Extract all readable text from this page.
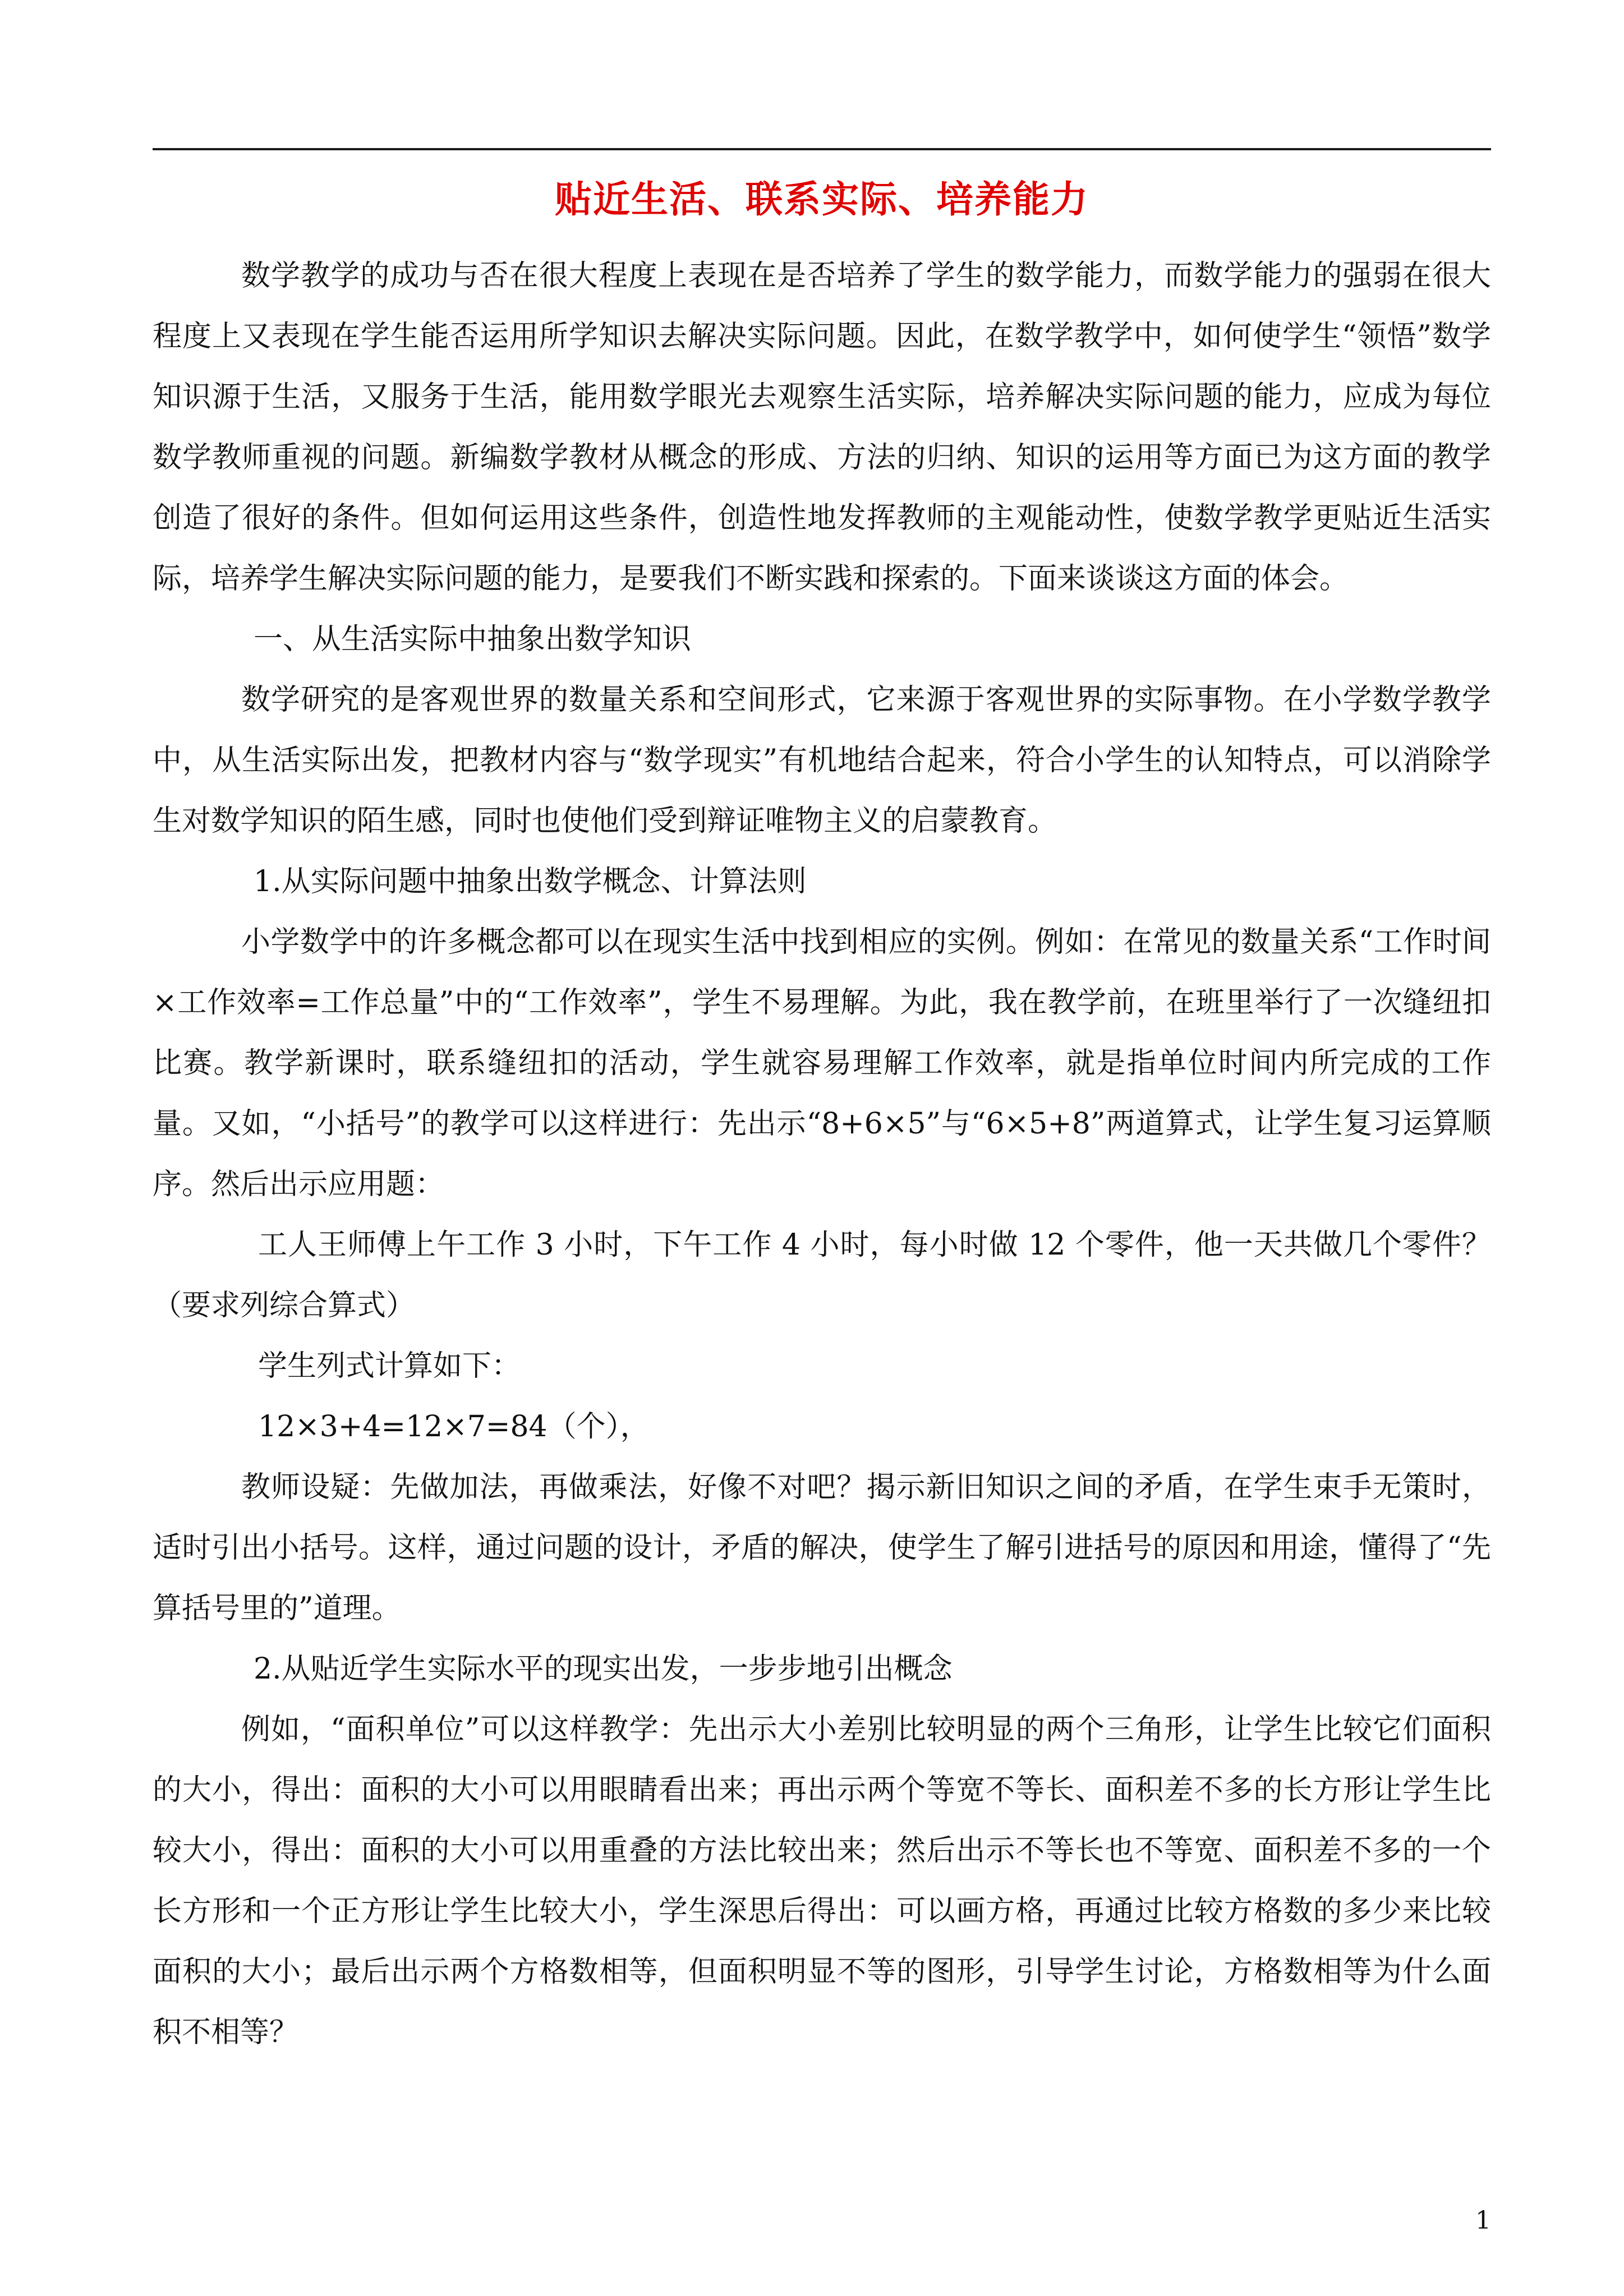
贴近生活、联系实际、培养能力

数学教学的成功与否在很大程度上表现在是否培养了学生的数学能力，而数学能力的强弱在很大程度上又表现在学生能否运用所学知识去解决实际问题。因此，在数学教学中，如何使学生“领悟”数学知识源于生活，又服务于生活，能用数学眼光去观察生活实际，培养解决实际问题的能力，应成为每位数学教师重视的问题。新编数学教材从概念的形成、方法的归纳、知识的运用等方面已为这方面的教学创造了很好的条件。但如何运用这些条件，创造性地发挥教师的主观能动性，使数学教学更贴近生活实际，培养学生解决实际问题的能力，是要我们不断实践和探索的。下面来谈谈这方面的体会。

一、从生活实际中抽象出数学知识

数学研究的是客观世界的数量关系和空间形式，它来源于客观世界的实际事物。在小学数学教学中，从生活实际出发，把教材内容与“数学现实”有机地结合起来，符合小学生的认知特点，可以消除学生对数学知识的陌生感，同时也使他们受到辩证唯物主义的启蒙教育。

1.从实际问题中抽象出数学概念、计算法则

小学数学中的许多概念都可以在现实生活中找到相应的实例。例如：在常见的数量关系“工作时间×工作效率=工作总量”中的“工作效率”，学生不易理解。为此，我在教学前，在班里举行了一次缝纽扣比赛。教学新课时，联系缝纽扣的活动，学生就容易理解工作效率，就是指单位时间内所完成的工作量。又如，“小括号”的教学可以这样进行：先出示“8+6×5”与“6×5+8”两道算式，让学生复习运算顺序。然后出示应用题：

工人王师傅上午工作 3 小时，下午工作 4 小时，每小时做 12 个零件，他一天共做几个零件？（要求列综合算式）

学生列式计算如下：

12×3+4=12×7=84（个），

教师设疑：先做加法，再做乘法，好像不对吧？揭示新旧知识之间的矛盾，在学生束手无策时，适时引出小括号。这样，通过问题的设计，矛盾的解决，使学生了解引进括号的原因和用途，懂得了“先算括号里的”道理。

2.从贴近学生实际水平的现实出发，一步步地引出概念

例如，“面积单位”可以这样教学：先出示大小差别比较明显的两个三角形，让学生比较它们面积的大小，得出：面积的大小可以用眼睛看出来；再出示两个等宽不等长、面积差不多的长方形让学生比较大小，得出：面积的大小可以用重叠的方法比较出来；然后出示不等长也不等宽、面积差不多的一个长方形和一个正方形让学生比较大小，学生深思后得出：可以画方格，再通过比较方格数的多少来比较面积的大小；最后出示两个方格数相等，但面积明显不等的图形，引导学生讨论，方格数相等为什么面积不相等？

1
